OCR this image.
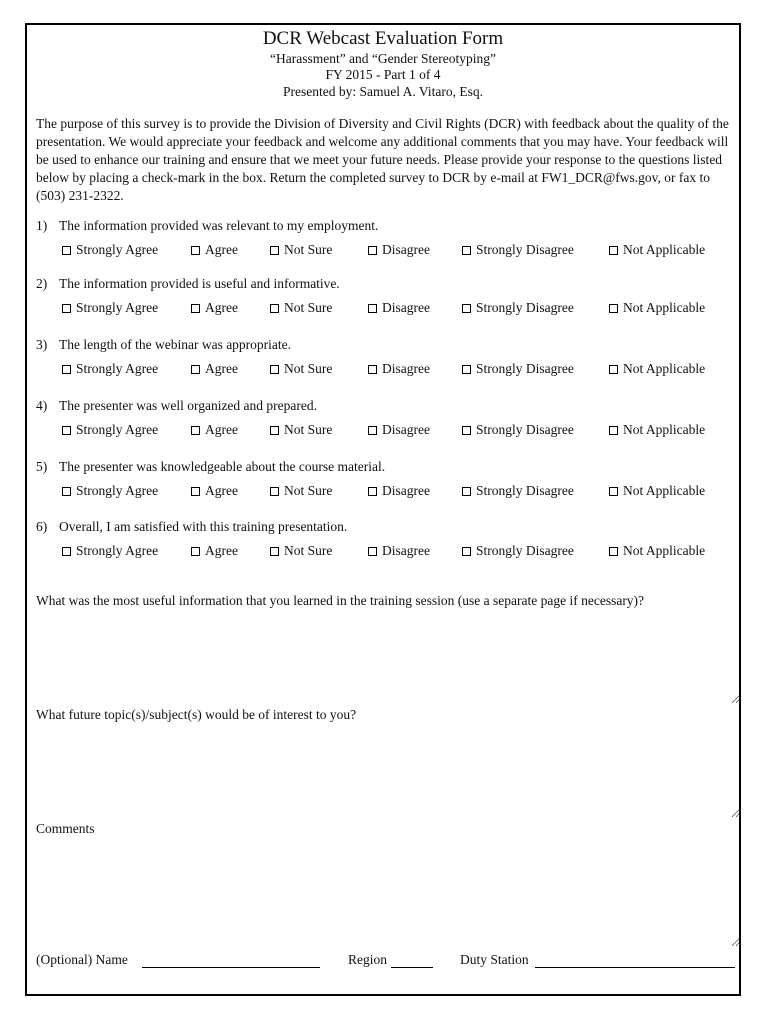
DCR Webcast Evaluation Form
“Harassment” and “Gender Stereotyping”
FY 2015 - Part 1 of 4
Presented by: Samuel A. Vitaro, Esq.

The purpose of this survey is to provide the Division of Diversity and Civil Rights (DCR) with feedback about the quality of the presentation. We would appreciate your feedback and welcome any additional comments that you may have. Your feedback will be used to enhance our training and ensure that we meet your future needs. Please provide your response to the questions listed below by placing a check-mark in the box. Return the completed survey to DCR by e-mail at FW1_DCR@fws.gov, or fax to (503) 231-2322.

1) The information provided was relevant to my employment.
Strongly Agree	Agree	Not Sure	Disagree	Strongly Disagree	Not Applicable
2) The information provided is useful and informative.
Strongly Agree	Agree	Not Sure	Disagree	Strongly Disagree	Not Applicable
3) The length of the webinar was appropriate.
Strongly Agree	Agree	Not Sure	Disagree	Strongly Disagree	Not Applicable
4) The presenter was well organized and prepared.
Strongly Agree	Agree	Not Sure	Disagree	Strongly Disagree	Not Applicable
5) The presenter was knowledgeable about the course material.
Strongly Agree	Agree	Not Sure	Disagree	Strongly Disagree	Not Applicable
6) Overall, I am satisfied with this training presentation.
Strongly Agree	Agree	Not Sure	Disagree	Strongly Disagree	Not Applicable

What was the most useful information that you learned in the training session (use a separate page if necessary)?

What future topic(s)/subject(s) would be of interest to you?

Comments

(Optional) Name	Region	Duty Station
